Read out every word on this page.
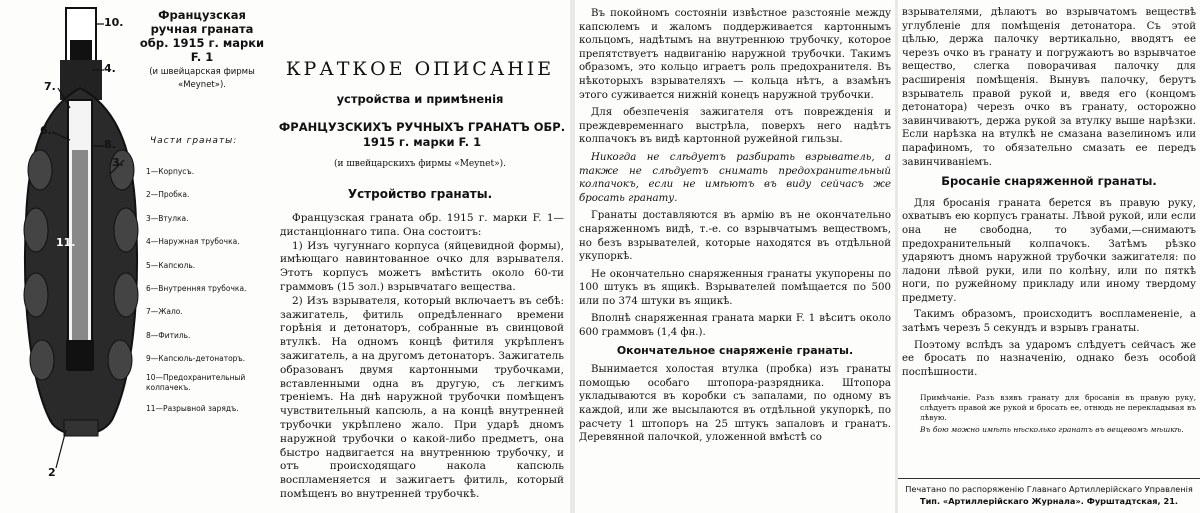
10.
4.
7.
6.
8.
3.
11.
2
Французская ручная граната обр. 1915 г. марки F. 1
(и швейцарская фирмы «Meynet»).
Части гранаты:
1—Корпусъ.
2—Пробка.
3—Втулка.
4—Наружная трубочка.
5—Капсюль.
6—Внутренняя трубочка.
7—Жало.
8—Фитиль.
9—Капсюль-детонаторъ.
10—Предохранительный колпачекъ.
11—Разрывной зарядъ.
КРАТКОЕ ОПИСАНІЕ
устройства и примѣненія
ФРАНЦУЗСКИХЪ РУЧНЫХЪ ГРАНАТЪ ОБР. 1915 г. марки F. 1
(и швейцарскихъ фирмы «Meynet»).
Устройство гранаты.

Французская граната обр. 1915 г. марки F. 1— дистанціоннаго типа. Она состоитъ:

1) Изъ чугуннаго корпуса (яйцевидной формы), имѣющаго навинтованное очко для взрывателя. Этотъ корпусъ можетъ вмѣстить около 60-ти граммовъ (15 зол.) взрывчатаго вещества.

2) Изъ взрывателя, который включаетъ въ себѣ: зажигатель, фитиль опредѣленнаго времени горѣнія и детонаторъ, собранные въ свинцовой втулкѣ. На одномъ концѣ фитиля укрѣпленъ зажигатель, а на другомъ детонаторъ. Зажигатель образованъ двумя картонными трубочками, вставленными одна въ другую, съ легкимъ треніемъ. На днѣ наружной трубочки помѣщенъ чувствительный капсюль, а на концѣ внутренней трубочки укрѣплено жало. При ударѣ дномъ наружной трубочки о какой-либо предметъ, она быстро надвигается на внутреннюю трубочку, и отъ происходящаго накола капсюль воспламеняется и зажигаетъ фитиль, который помѣщенъ во внутренней трубочкѣ.

Въ покойномъ состояніи извѣстное разстояніе между капсюлемъ и жаломъ поддерживается картоннымъ кольцомъ, надѣтымъ на внутреннюю трубочку, которое препятствуетъ надвиганію наружной трубочки. Такимъ образомъ, это кольцо играетъ роль предохранителя. Въ нѣкоторыхъ взрывателяхъ — кольца нѣтъ, а взамѣнъ этого суживается нижній конецъ наружной трубочки.

Для обезпеченія зажигателя отъ поврежденія и преждевременнаго выстрѣла, поверхъ него надѣтъ колпачокъ въ видѣ картонной ружейной гильзы.

Никогда не слѣдуетъ разбирать взрыватель, а также не слѣдуетъ снимать предохранительный колпачокъ, если не имѣютъ въ виду сейчасъ же бросать гранату.

Гранаты доставляются въ армію въ не окончательно снаряженномъ видѣ, т.-е. со взрывчатымъ веществомъ, но безъ взрывателей, которые находятся въ отдѣльной укупоркѣ.

Не окончательно снаряженныя гранаты укупорены по 100 штукъ въ ящикѣ. Взрывателей помѣщается по 500 или по 374 штуки въ ящикѣ.

Вполнѣ снаряженная граната марки F. 1 вѣситъ около 600 граммовъ (1,4 фн.).

Окончательное снаряженіе гранаты.

Вынимается холостая втулка (пробка) изъ гранаты помощью особаго штопора-разрядника. Штопора укладываются въ коробки съ запалами, по одному въ каждой, или же высылаются въ отдѣльной укупоркѣ, по расчету 1 штопоръ на 25 штукъ запаловъ и гранатъ. Деревянной палочкой, уложенной вмѣстѣ со

взрывателями, дѣлаютъ во взрывчатомъ веществѣ углубленіе для помѣщенія детонатора. Съ этой цѣлью, держа палочку вертикально, вводятъ ее черезъ очко въ гранату и погружаютъ во взрывчатое вещество, слегка поворачивая палочку для расширенія помѣщенія. Вынувъ палочку, берутъ взрыватель правой рукой и, введя его (концомъ детонатора) черезъ очко въ гранату, осторожно завинчиваютъ, держа рукой за втулку выше нарѣзки. Если нарѣзка на втулкѣ не смазана вазелиномъ или парафиномъ, то обязательно смазать ее передъ завинчиваніемъ.

Бросаніе снаряженной гранаты.

Для бросанія граната берется въ правую руку, охватывъ ею корпусъ гранаты. Лѣвой рукой, или если она не свободна, то зубами,—снимаютъ предохранительный колпачокъ. Затѣмъ рѣзко ударяютъ дномъ наружной трубочки зажигателя: по ладони лѣвой руки, или по колѣну, или по пяткѣ ноги, по ружейному прикладу или иному твердому предмету.

Такимъ образомъ, происходитъ воспламененіе, а затѣмъ черезъ 5 секундъ и взрывъ гранаты.

Поэтому вслѣдъ за ударомъ слѣдуетъ сейчасъ же ее бросать по назначенію, однако безъ особой поспѣшности.

Примѣчаніе. Разъ взявъ гранату для бросанія въ правую руку, слѣдуетъ правой же рукой и бросать ее, отнюдь не перекладывая въ лѣвую.
Въ бою можно имѣть нѣсколько гранатъ въ вещевомъ мѣшкѣ.
Печатано по распоряженію Главнаго Артиллерійскаго Управленія
Тип. «Артиллерійскаго Журнала». Фурштадтская, 21.
